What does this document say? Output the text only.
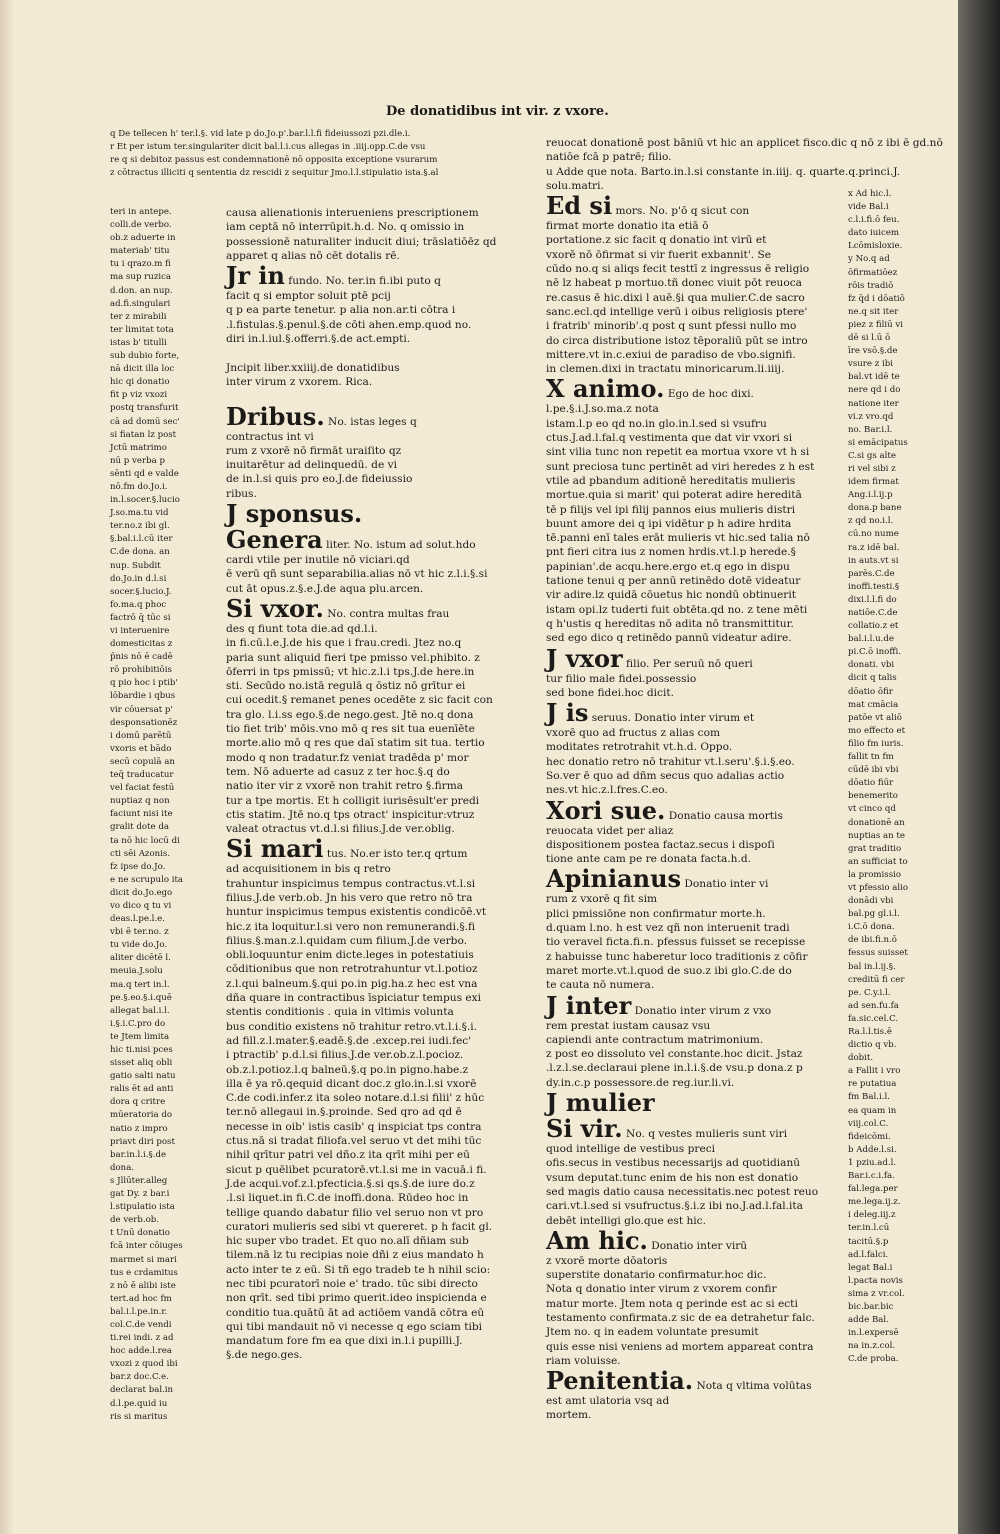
De donatidibus int vir. z vxore.
q De tellecen h' ter.l.§. vid late p do.Jo.p'.bar.l.l.fi fideiussozi pzi.dle.i.
r Et per istum ter.singulariter dicit bal.l.i.cus allegas in .iiij.opp.C.de vsu
re q si debitoz passus est condemnationē nō opposita exceptione vsurarum
z cōtractus illiciti q sententia dz rescidi z sequitur Jmo.l.l.stipulatio ista.§.al
teri in antepe.
colli.de verbo.
ob.z aduerte in
materiab' titu
tu i qrazo.m fi
ma sup ruzica
d.don. an nup.
ad.fi.singulari
ter z mirabili
ter limitat tota
istas b' titulli
sub dubio forte,
nā dicit illa loc
hic qi donatio
fit p viz vxozi
postq transfurit
cā ad domū sec'
si fiatan lz post
Jctū matrimo
nū p verba p
sēnti qd e valde
nō.fm do.Jo.i.
in.l.socer.§.lucio
J.so.ma.tu vid
ter.no.z ibi gl.
§.bal.i.l.cū iter
C.de dona. an
nup. Subdit
do.Jo.in d.l.si
socer.§.lucio.J.
fo.ma.q phoc
factrō q̄ tūc si
vi interuenire
domesticitas z
p̄nis nō ē cadē
rō prohibitiōis
q pio hoc i ptib'
lōbardie i qbus
vir cōuersat p'
desponsationēz
i domū parētū
vxoris et bādo
secū copulā an
teq̄ traducatur
vel faciat festū
nuptiaz q non
faciunt nisi ite
gralit dote da
ta nō hic locū di
cti sēi Azonis.
fz ipse do.Jo.
e ne scrupulo ita
dicit do.Jo.ego
vo dico q tu vi
deas.l.pe.l.e.
vbi ē ter.no. z
tu vide do.Jo.
aliter dicētē l.
meuia.J.solu
ma.q tert in.l.
pe.§.eo.§.i.quē
allegat bal.i.l.
i.§.i.C.pro do
te Jtem limita
hic ti.nisi pces
sisset aliq obli
gatio salti natu
ralis ēt ad anti
dora q critre
mūeratoria do
natio z impro
priavt diri post
bar.in.l.i.§.de
dona.
s Jllūter.alleg
gat Dy. z bar.i
l.stipulatio ista
de verb.ob.
t Unū donatio
fcā inter cōiuges
marmet si mari
tus e crdamitus
z nō ē alibi iste
tert.ad hoc fm
bal.i.l.pe.in.r.
col.C.de vendi
ti.rei indi. z ad
hoc adde.l.rea
vxozi z quod ibi
bar.z doc.C.e.
declarat bal.in
d.l.pe.quid iu
ris si maritus
causa alienationis interueniens prescriptionem
iam ceptā nō interrūpit.h.d. No. q omissio in
possessionē naturaliter inducit diui; trāslatiōēz qd
apparet q alias nō cēt dotalis rē.
Jr in fundo. No. ter.in fi.ibi puto q
facit q si emptor soluit ptē pcij
q p ea parte tenetur. p alia non.ar.ti cōtra i
.l.fistulas.§.penul.§.de cōti ahen.emp.quod no.
diri in.l.iul.§.offerri.§.de act.empti.

Jncipit liber.xxiiij.de donatidibus
inter virum z vxorem. Rica.

Dribus. No. istas leges q
contractus int vi
rum z vxorē nō firmāt uraiſito qz
inuitarētur ad delinquedū. de vi
de in.l.si quis pro eo.J.de fideiussio
ribus.
J sponsus.
Genera liter. No. istum ad solut.hdo
cardi vtile per inutile nō viciari.qd
ē verū qñ sunt separabilia.alias nō vt hic z.l.i.§.si
cut āt opus.z.§.e.J.de aqua plu.arcen.
Si vxor. No. contra multas frau
des q fiunt tota die.ad qd.l.i.
in fi.cū.l.e.J.de his que i frau.credi. Jtez no.q
paria sunt aliquid fieri tpe pmisso vel.phibito. z
ōferri in tps pmissū; vt hic.z.l.i tps.J.de here.in
sti. Secūdo no.istā regulā q ōstiz nō grītur ei
cui ocedit.§ remanet penes ocedēte z sic facit con
tra glo. l.i.ss ego.§.de nego.gest. Jtē no.q dona
tio fiet trib' mōis.vno mō q res sit tua euenīēte
morte.alio mō q res que daī statim sit tua. tertio
modo q non tradatur.fz veniat tradēda p' mor
tem. Nō aduerte ad casuz z ter hoc.§.q do
natio iter vir z vxorē non trahit retro §.firma
tur a tpe mortis. Et h colligit iurisēsult'er predi
ctis statim. Jtē no.q tps otract' inspicitur:vtruz
valeat otractus vt.d.l.si filius.J.de ver.oblig.
Si mari tus. No.er isto ter.q qrtum
ad acquisitionem in bis q retro
trahuntur inspicimus tempus contractus.vt.l.si
filius.J.de verb.ob. Jn his vero que retro nō tra
huntur inspicimus tempus existentis condicōē.vt
hic.z ita loquitur.l.si vero non remunerandi.§.fi
filius.§.man.z.l.quidam cum filium.J.de verbo.
obli.loquuntur enim dicte.leges in potestatiuis
cōditionibus que non retrotrahuntur vt.l.potioz
z.l.qui balneum.§.qui po.in pig.ha.z hec est vna
dña quare in contractibus īspiciatur tempus exi
stentis conditionis . quia in vltimis volunta
bus conditio existens nō trahitur retro.vt.l.i.§.i.
ad fill.z.l.mater.§.eadē.§.de .excep.rei iudi.fec'
i ptractib' p.d.l.si filius.J.de ver.ob.z.l.pocioz.
ob.z.l.potioz.l.q balneū.§.q po.in pigno.habe.z
illa ē ya rō.qequid dicant doc.z glo.in.l.si vxorē
C.de codi.infer.z ita soleo notare.d.l.si filii' z hūc
ter.nō allegaui in.§.proinde. Sed qro ad qd ē
necesse in oib' istis casib' q inspiciat tps contra
ctus.nā si tradat filiofa.vel seruo vt det mihi tūc
nihil qrītur patri vel dño.z ita qrīt mihi per eū
sicut p quēlibet pcuratorē.vt.l.si me in vacuā.i fi.
J.de acqui.vof.z.l.pfecticia.§.si qs.§.de iure do.z
.l.si liquet.in fi.C.de inoffi.dona. Rūdeo hoc in
tellige quando dabatur filio vel seruo non vt pro
curatori mulieris sed sibi vt quereret. p h facit gl.
hic super vbo tradet. Et quo no.alī dñiam sub
tilem.nā lz tu recipias noie dñi z eius mandato h
acto inter te z eū. Si tñ ego tradeb te h nihil scio:
nec tibi pcuratorī noie e' trado. tūc sibi directo
non qrīt. sed tibi primo querit.ideo inspicienda e
conditio tua.quātū āt ad actiōem vandā cōtra eū
qui tibi mandauit nō vi necesse q ego sciam tibi
mandatum fore fm ea que dixi in.l.i pupilli.J.
§.de nego.ges.
reuocat donationē post bāniū vt hic an applicet fisco.dic q nō z ibi ē gd.nō
natiōe fcā p patrē; filio.
u Adde que nota. Barto.in.l.si constante in.iiij. q. quarte.q.princi.J.
solu.matri.
Ed si mors. No. p'ō q sicut con
firmat morte donatio ita etiā ō
portatione.z sic facit q donatio int virū et
vxorē nō ōfirmat si vir fuerit exbannit'. Se
cūdo no.q si aliqs fecit testtī z ingressus ē religio
nē lz habeat p mortuo.tñ donec viuit pōt reuoca
re.casus ē hic.dixi l auē.§i qua mulier.C.de sacro
sanc.ecl.qd intellige verū i oibus religiosis ptere'
i fratrib' minorib'.q post q sunt pfessi nullo mo
do circa distributione istoz tēporaliū pūt se intro
mittere.vt in.c.exiui de paradiso de vbo.signifi.
in clemen.dixi in tractatu minoricarum.li.iiij.
X animo. Ego de hoc dixi.
l.pe.§.i.J.so.ma.z nota
istam.l.p eo qd no.in glo.in.l.sed si vsufru
ctus.J.ad.l.fal.q vestimenta que dat vir vxori si
sint vilia tunc non repetit ea mortua vxore vt h si
sunt preciosa tunc pertinēt ad viri heredes z h est
vtile ad pbandum aditionē hereditatis mulieris
mortue.quia si marit' qui poterat adire hereditā
tē p filijs vel ipi filij pannos eius mulieris distri
buunt amore dei q ipi vidētur p h adire hrdita
tē.panni enī tales erāt mulieris vt hic.sed talia nō
pnt fieri citra ius z nomen hrdis.vt.l.p herede.§
papinian'.de acqu.here.ergo et.q ego in dispu
tatione tenui q per annū retinēdo dotē videatur
vir adire.lz quidā cōuetus hic nondū obtinuerit
istam opi.lz tuderti fuit obtēta.qd no. z tene mēti
q h'ustis q hereditas nō adita nō transmittitur.
sed ego dico q retinēdo pannū videatur adire.
J vxor filio. Per seruū nō queri
tur filio male fidei.possessio
sed bone fidei.hoc dicit.
J is seruus. Donatio inter virum et
vxorē quo ad fructus z alias com
moditates retrotrahit vt.h.d. Oppo.
hec donatio retro nō trahitur vt.l.seru'.§.i.§.eo.
So.ver ē quo ad dñm secus quo adalias actio
nes.vt hic.z.l.fres.C.eo.
Xori sue. Donatio causa mortis
reuocata videt per aliaz
dispositionem postea factaz.secus i dispoſi
tione ante cam pe re donata facta.h.d.
Apinianus Donatio inter vi
rum z vxorē q fit sim
plici pmissiōne non confirmatur morte.h.
d.quam l.no. h est vez qñ non interuenit tradi
tio veravel ficta.fi.n. pfessus fuisset se recepisse
z habuisse tunc haberetur loco traditionis z cōfir
maret morte.vt.l.quod de suo.z ibi glo.C.de do
te cauta nō numera.
J inter Donatio inter virum z vxo
rem prestat iustam causaz vsu
capiendi ante contractum matrimonium.
z post eo dissoluto vel constante.hoc dicit. Jstaz
.l.z.l.se.declaraui plene in.l.i.§.de vsu.p dona.z p
dy.in.c.p possessore.de reg.iur.li.vi.
J mulier
Si vir. No. q vestes mulieris sunt viri
quod intellige de vestibus preci
ofis.secus in vestibus necessarijs ad quotidianū
vsum deputat.tunc enim de his non est donatio
sed magis datio causa necessitatis.nec potest reuo
cari.vt.l.sed si vsufructus.§.i.z ibi no.J.ad.l.fal.ita
debēt intelligi glo.que est hic.
Am hic. Donatio inter virū
z vxorē morte dōatoris
superstite donatario confirmatur.hoc dic.
Nota q donatio inter virum z vxorem confir
matur morte. Jtem nota q perinde est ac si ecti
testamento confirmata.z sic de ea detrahetur falc.
Jtem no. q in eadem voluntate presumit
quis esse nisi veniens ad mortem appareat contra
riam voluisse.
Penitentia. Nota q vltima volūtas
est amt ulatoria vsq ad
mortem.
x Ad hic.l.
vide Bal.i
c.l.i.fi.ō feu.
dato iuicem
Lcōmisloxie.
y No.q ad
ōfirmatiōez
rōis tradiō
fz q̄d i dōatiō
ne.q sit iter
piez z filiū vi
dē si l.ū ō
īre vsō.§.de
vsure z ibi
bal.vt idē te
nere qd i do
natione iter
vi.z vro.qd
no. Bar.i.l.
si emācipatus
C.si gs alte
ri vel sibi z
idem firmat
Ang.i.l.ij.p
dona.p bane
z qd no.i.l.
cū.no nume
ra.z idē bal.
in auts.vt si
parēs.C.de
inoffi.testi.§
dixi.l.l.fi do
natiōe.C.de
collatio.z et
bal.i.l.u.de
pi.C.ō inoffi.
donati. vbi
dicit q talis
dōatio ōfir
mat cmācia
patōe vt aliō
mo effecto et
filio fm iuris.
fallit tn fm
cūdē ibi vbi
dōatio fiūr
benemerito
vt cinco qd
donationē an
nuptias an te
grat traditio
an sufficiat to
la promissio
vt pfessio alio
donādi vbi
bal.pg gl.i.l.
i.C.ō dona.
de ibi.fi.n.ō
fessus suisset
bal in.l.ij.§.
creditū fi cer
pe. C.y.i.l.
ad sen.fu.fa
fa.sic.cel.C.
Ra.l.l.tis.ē
dictio q vb.
dobit.
a Fallit i vro
re putatiua
fm Bal.i.l.
ea quam in
viij.col.C.
fideicōmi.
b Adde.l.si.
1 pziu.ad.l.
Bar.i.c.i.fa.
fal.lega.per
me.lega.ij.z.
i deleg.iij.z
ter.in.l.cū
tacitū.§.p
ad.l.falci.
legat Bal.i
l.pacta novis
sima z vr.col.
bic.bar.bic
adde Bal.
in.l.expersē
na in.z.col.
C.de proba.
